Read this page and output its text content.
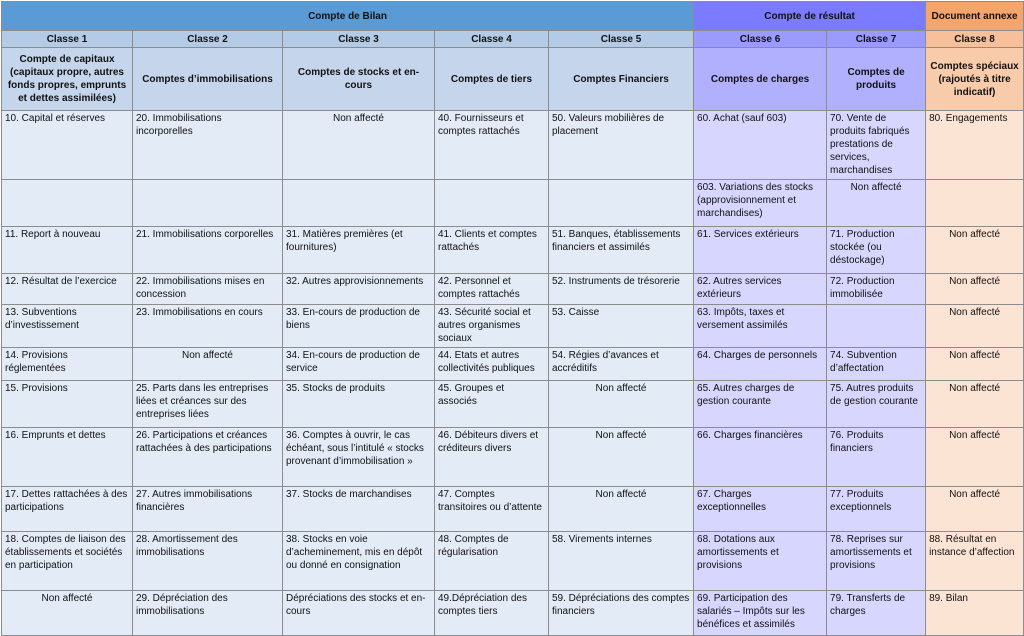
Compte de Bilan					Compte de résultat		Document annexe
Classe 1	Classe 2	Classe 3	Classe 4	Classe 5	Classe 6	Classe 7	Classe 8
Compte de capitaux (capitaux propre, autres fonds propres, emprunts et dettes assimilées)	Comptes d’immobilisations	Comptes de stocks et en-cours	Comptes de tiers	Comptes Financiers	Comptes de charges	Comptes de produits	Comptes spéciaux (rajoutés à titre indicatif)
10. Capital et réserves	20. Immobilisations incorporelles	Non affecté	40. Fournisseurs et comptes rattachés	50. Valeurs mobilières de placement	60. Achat (sauf 603)	70. Vente de produits fabriqués prestations de services, marchandises	80. Engagements
					603. Variations des stocks (approvisionnement et marchandises)	Non affecté	
11. Report à nouveau	21. Immobilisations corporelles	31. Matières premières (et fournitures)	41. Clients et comptes rattachés	51. Banques, établissements financiers et assimilés	61. Services extérieurs	71. Production stockée (ou déstockage)	Non affecté
12. Résultat de l’exercice	22. Immobilisations mises en concession	32. Autres approvisionnements	42. Personnel et comptes rattachés	52. Instruments de trésorerie	62. Autres services extérieurs	72. Production immobilisée	Non affecté
13. Subventions d’investissement	23. Immobilisations en cours	33. En-cours de production de biens	43. Sécurité social et autres organismes sociaux	53. Caisse	63. Impôts, taxes et versement assimilés		Non affecté
14. Provisions réglementées	Non affecté	34. En-cours de production de service	44. Etats et autres collectivités publiques	54. Régies d’avances et accréditifs	64. Charges de personnels	74. Subvention d’affectation	Non affecté
15. Provisions	25. Parts dans les entreprises liées et créances sur des entreprises liées	35. Stocks de produits	45. Groupes et associés	Non affecté	65. Autres charges de gestion courante	75. Autres produits de gestion courante	Non affecté
16. Emprunts et dettes	26. Participations et créances rattachées à des participations	36. Comptes à ouvrir, le cas échéant, sous l’intitulé « stocks provenant d’immobilisation »	46. Débiteurs divers et créditeurs divers	Non affecté	66. Charges financières	76. Produits financiers	Non affecté
17. Dettes rattachées à des participations	27. Autres immobilisations financières	37. Stocks de marchandises	47. Comptes transitoires ou d’attente	Non affecté	67. Charges exceptionnelles	77. Produits exceptionnels	Non affecté
18. Comptes de liaison des établissements et sociétés en participation	28. Amortissement des immobilisations	38. Stocks en voie d’acheminement, mis en dépôt ou donné en consignation	48. Comptes de régularisation	58. Virements internes	68. Dotations aux amortissements et provisions	78. Reprises sur amortissements et provisions	88. Résultat en instance d’affection
Non affecté	29. Dépréciation des immobilisations	Dépréciations des stocks et en-cours	49.Dépréciation des comptes tiers	59. Dépréciations des comptes financiers	69. Participation des salariés – Impôts sur les bénéfices et assimilés	79. Transferts de charges	89. Bilan
